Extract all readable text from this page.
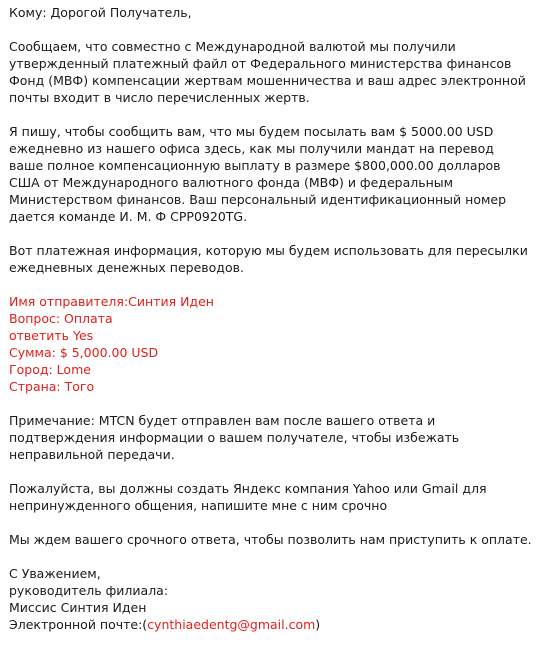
Кому: Дорогой Получатель,
Сообщаем, что совместно с Международной валютой мы получили
утвержденный платежный файл от Федерального министерства финансов
Фонд (МВФ) компенсации жертвам мошенничества и ваш адрес электронной
почты входит в число перечисленных жертв.
Я пишу, чтобы сообщить вам, что мы будем посылать вам $ 5000.00 USD
ежедневно из нашего офиса здесь, как мы получили мандат на перевод
ваше полное компенсационную выплату в размере $800,000.00 долларов
США от Международного валютного фонда (МВФ) и федеральным
Министерством финансов. Ваш персональный идентификационный номер
дается команде И. М. Ф CPP0920TG.
Вот платежная информация, которую мы будем использовать для пересылки
ежедневных денежных переводов.
Имя отправителя:Синтия Иден
Вопрос: Оплата
ответить Yes
Сумма: $ 5,000.00 USD
Город: Lome
Страна: Того
Примечание: MTCN будет отправлен вам после вашего ответа и
подтверждения информации о вашем получателе, чтобы избежать
неправильной передачи.
Пожалуйста, вы должны создать Яндекс компания Yahoo или Gmail для
непринужденного общения, напишите мне с ним срочно
Мы ждем вашего срочного ответа, чтобы позволить нам приступить к оплате.
С Уважением,
руководитель филиала:
Миссис Синтия Иден
Электронной почте:(cynthiaedentg@gmail.com)
